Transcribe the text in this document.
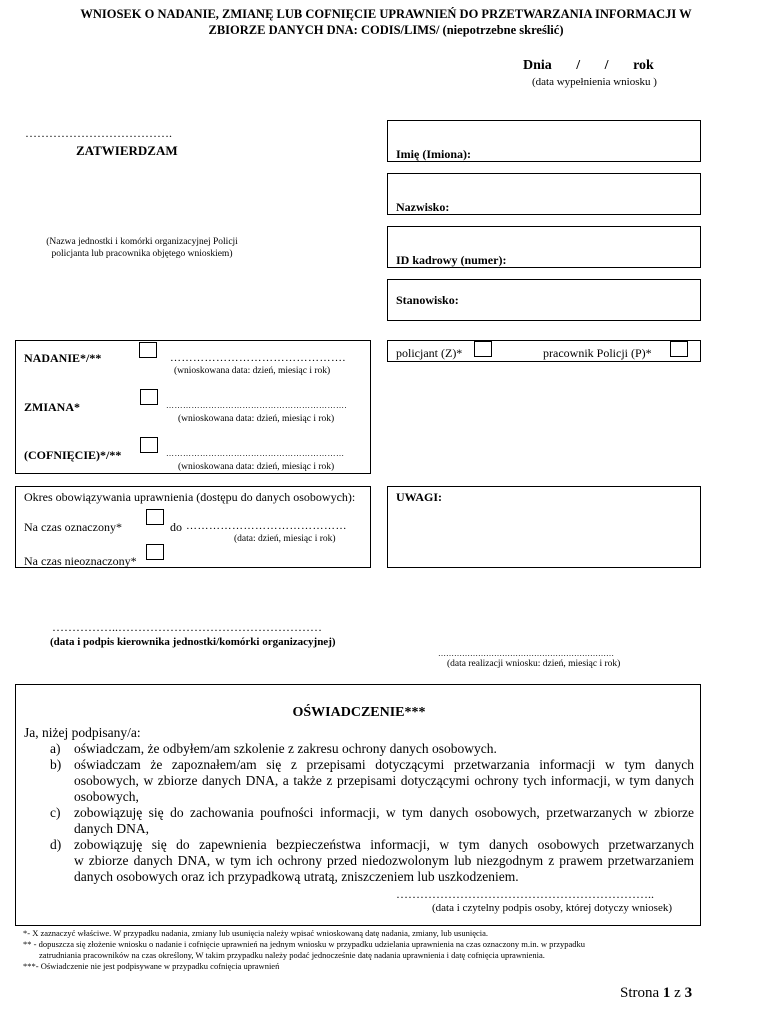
WNIOSEK O NADANIE, ZMIANĘ LUB COFNIĘCIE UPRAWNIEŃ DO PRZETWARZANIA INFORMACJI W
ZBIORZE DANYCH DNA: CODIS/LIMS/ (niepotrzebne skreślić)
Dnia       /       /       rok
(data wypełnienia wniosku )
……………………………….
ZATWIERDZAM
(Nazwa jednostki i komórki organizacyjnej Policji
policjanta lub pracownika objętego wnioskiem)
Imię (Imiona):
Nazwisko:
ID kadrowy (numer):
Stanowisko:
NADANIE*/**	……………………………………….
(wnioskowana data: dzień, miesiąc i rok)
ZMIANA*	……………………………………………………….
(wnioskowana data: dzień, miesiąc i rok)
(COFNIĘCIE)*/**	………………………………………………………
(wnioskowana data: dzień, miesiąc i rok)
policjant (Z)*	pracownik Policji (P)*
Okres obowiązywania uprawnienia (dostępu do danych osobowych):
Na czas oznaczony*	do ……………………………………
(data: dzień, miesiąc i rok)
Na czas nieoznaczony*
UWAGI:
……………..……………………………………………
(data i podpis kierownika jednostki/komórki organizacyjnej)
…………………………………………………………
(data realizacji wniosku: dzień, miesiąc i rok)
OŚWIADCZENIE***
Ja, niżej podpisany/a:
a) oświadczam, że odbyłem/am szkolenie z zakresu ochrony danych osobowych.
b) oświadczam że zapoznałem/am się z przepisami dotyczącymi przetwarzania informacji w tym danych
osobowych, w zbiorze danych DNA, a także z przepisami dotyczącymi ochrony tych informacji, w tym danych
osobowych,
c) zobowiązuję się do zachowania poufności informacji, w tym danych osobowych, przetwarzanych w zbiorze
danych DNA,
d) zobowiązuję się do zapewnienia bezpieczeństwa informacji, w tym danych osobowych przetwarzanych
w zbiorze danych DNA, w tym ich ochrony przed niedozwolonym lub niezgodnym z prawem przetwarzaniem
danych osobowych oraz ich przypadkową utratą, zniszczeniem lub uszkodzeniem.
………………………………………………………..
(data i czytelny podpis osoby, której dotyczy wniosek)
*- X zaznaczyć właściwe. W przypadku nadania, zmiany lub usunięcia należy wpisać wnioskowaną datę nadania, zmiany, lub usunięcia.
** - dopuszcza się złożenie wniosku o nadanie i cofnięcie uprawnień na jednym wniosku w przypadku udzielania uprawnienia na czas oznaczony m.in. w przypadku
zatrudniania pracowników na czas określony, W takim przypadku należy podać jednocześnie datę nadania uprawnienia i datę cofnięcia uprawnienia.
***- Oświadczenie nie jest podpisywane w przypadku cofnięcia uprawnień
Strona 1 z 3
